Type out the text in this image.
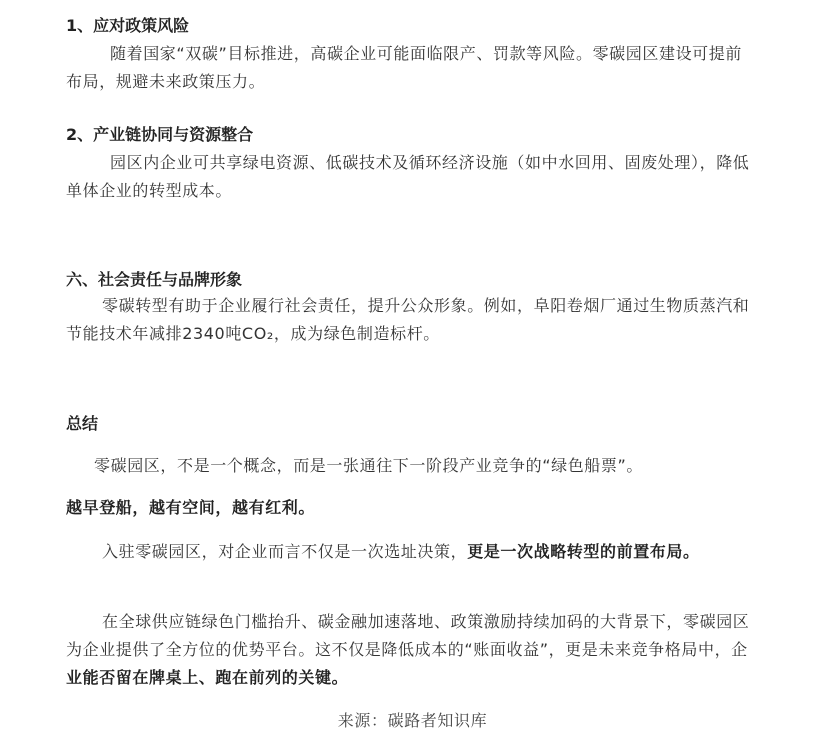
1、应对政策风险

随着国家“双碳”目标推进，高碳企业可能面临限产、罚款等风险。零碳园区建设可提前布局，规避未来政策压力。

2、产业链协同与资源整合

园区内企业可共享绿电资源、低碳技术及循环经济设施（如中水回用、固废处理），降低单体企业的转型成本。

六、社会责任与品牌形象

零碳转型有助于企业履行社会责任，提升公众形象。例如，阜阳卷烟厂通过生物质蒸汽和节能技术年减排2340吨CO₂，成为绿色制造标杆。

总结

零碳园区，不是一个概念，而是一张通往下一阶段产业竞争的“绿色船票”。

越早登船，越有空间，越有红利。

入驻零碳园区，对企业而言不仅是一次选址决策，更是一次战略转型的前置布局。

在全球供应链绿色门槛抬升、碳金融加速落地、政策激励持续加码的大背景下，零碳园区为企业提供了全方位的优势平台。这不仅是降低成本的“账面收益”，更是未来竞争格局中，企业能否留在牌桌上、跑在前列的关键。

来源：碳路者知识库
